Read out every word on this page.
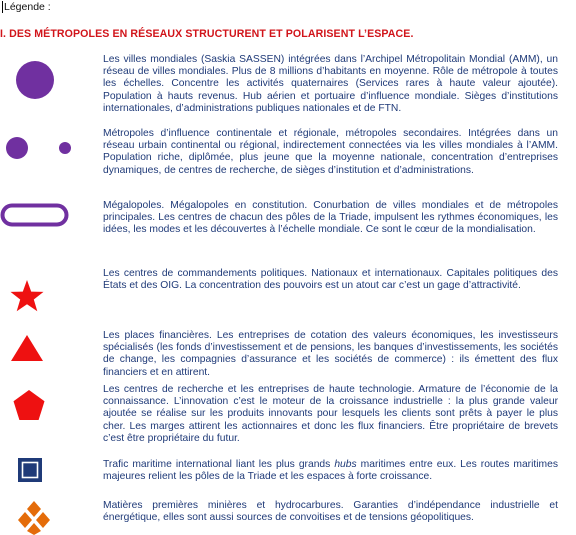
Légende :
I. DES MÉTROPOLES EN RÉSEAUX STRUCTURENT ET POLARISENT L’ESPACE.

Les villes mondiales (Saskia SASSEN) intégrées dans l’Archipel Métropolitain Mondial (AMM), un réseau de villes mondiales. Plus de 8 millions d’habitants en moyenne. Rôle de métropole à toutes les échelles. Concentre les activités quaternaires (Services rares à haute valeur ajoutée). Population à hauts revenus. Hub aérien et portuaire d’influence mondiale. Sièges d’institutions internationales, d’administrations publiques nationales et de FTN.

Métropoles d’influence continentale et régionale, métropoles secondaires. Intégrées dans un réseau urbain continental ou régional, indirectement connectées via les villes mondiales à l’AMM. Population riche, diplômée, plus jeune que la moyenne nationale, concentration d’entreprises dynamiques, de centres de recherche, de sièges d’institution et d’administrations.

Mégalopoles. Mégalopoles en constitution. Conurbation de villes mondiales et de métropoles principales. Les centres de chacun des pôles de la Triade, impulsent les rythmes économiques, les idées, les modes et les découvertes à l’échelle mondiale. Ce sont le cœur de la mondialisation.

Les centres de commandements politiques. Nationaux et internationaux. Capitales politiques des États et des OIG. La concentration des pouvoirs est un atout car c’est un gage d’attractivité.

Les places financières. Les entreprises de cotation des valeurs économiques, les investisseurs spécialisés (les fonds d’investissement et de pensions, les banques d’investissements, les sociétés de change, les compagnies d’assurance et les sociétés de commerce) : ils émettent des flux financiers et en attirent.

Les centres de recherche et les entreprises de haute technologie. Armature de l’économie de la connaissance. L’innovation c’est le moteur de la croissance industrielle : la plus grande valeur ajoutée se réalise sur les produits innovants pour lesquels les clients sont prêts à payer le plus cher. Les marges attirent les actionnaires et donc les flux financiers. Être propriétaire de brevets c’est être propriétaire du futur.

Trafic maritime international liant les plus grands hubs maritimes entre eux. Les routes maritimes majeures relient les pôles de la Triade et les espaces à forte croissance.

Matières premières minières et hydrocarbures. Garanties d’indépendance industrielle et énergétique, elles sont aussi sources de convoitises et de tensions géopolitiques.
